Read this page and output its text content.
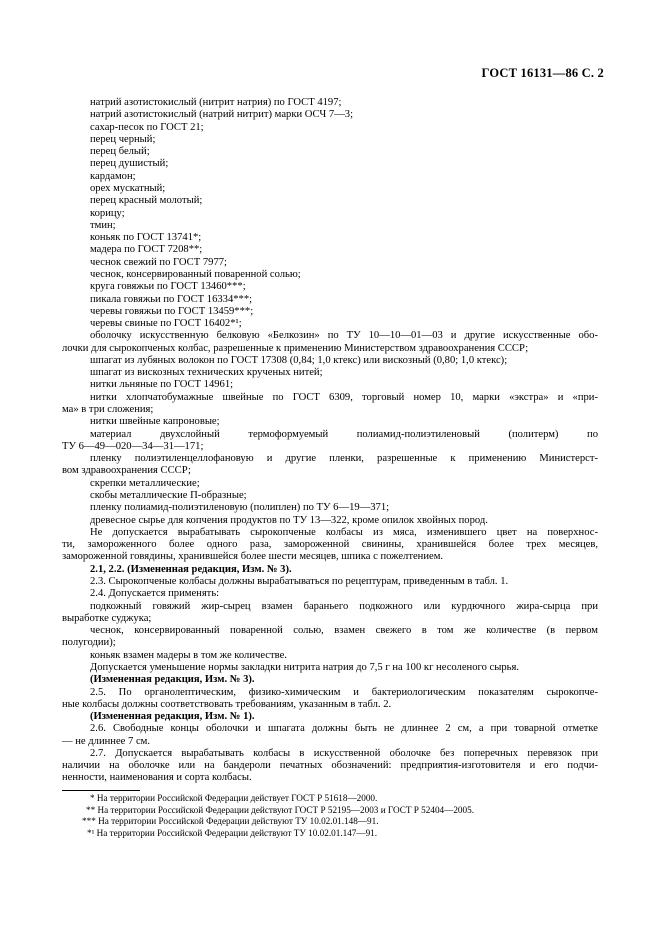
ГОСТ 16131—86 С. 2

натрий азотистокислый (нитрит натрия) по ГОСТ 4197;

натрий азотистокислый (натрий нитрит) марки ОСЧ 7—3;

сахар-песок по ГОСТ 21;

перец черный;

перец белый;

перец душистый;

кардамон;

орех мускатный;

перец красный молотый;

корицу;

тмин;

коньяк по ГОСТ 13741*;

мадера по ГОСТ 7208**;

чеснок свежий по ГОСТ 7977;

чеснок, консервированный поваренной солью;

круга говяжьи по ГОСТ 13460***;

пикала говяжьи по ГОСТ 16334***;

черевы говяжьи по ГОСТ 13459***;

черевы свиные по ГОСТ 16402*¹;

оболочку искусственную белковую «Белкозин» по ТУ 10—10—01—03 и другие искусственные обо-

лочки для сырокопченых колбас, разрешенные к применению Министерством здравоохранения СССР;

шпагат из лубяных волокон по ГОСТ 17308 (0,84; 1,0 ктекс) или вискозный (0,80; 1,0 ктекс);

шпагат из вискозных технических крученых нитей;

нитки льняные по ГОСТ 14961;

нитки хлопчатобумажные швейные по ГОСТ 6309, торговый номер 10, марки «экстра» и «при-

ма» в три сложения;

нитки швейные капроновые;

материал двухслойный термоформуемый полиамид-полиэтиленовый (политерм) по

ТУ 6—49—020—34—31—171;

пленку полиэтиленцеллофановую и другие пленки, разрешенные к применению Министерст-

вом здравоохранения СССР;

скрепки металлические;

скобы металлические П-образные;

пленку полиамид-полиэтиленовую (полиплен) по ТУ 6—19—371;

древесное сырье для копчения продуктов по ТУ 13—322, кроме опилок хвойных пород.

Не допускается вырабатывать сырокопченые колбасы из мяса, изменившего цвет на поверхнос-

ти, замороженного более одного раза, замороженной свинины, хранившейся более трех месяцев,

замороженной говядины, хранившейся более шести месяцев, шпика с пожелтением.

2.1, 2.2. (Измененная редакция, Изм. № 3).

2.3. Сырокопченые колбасы должны вырабатываться по рецептурам, приведенным в табл. 1.

2.4. Допускается применять:

подкожный говяжий жир-сырец взамен бараньего подкожного или курдючного жира-сырца при

выработке суджука;

чеснок, консервированный поваренной солью, взамен свежего в том же количестве (в первом

полугодии);

коньяк взамен мадеры в том же количестве.

Допускается уменьшение нормы закладки нитрита натрия до 7,5 г на 100 кг несоленого сырья.

(Измененная редакция, Изм. № 3).

2.5. По органолептическим, физико-химическим и бактериологическим показателям сырокопче-

ные колбасы должны соответствовать требованиям, указанным в табл. 2.

(Измененная редакция, Изм. № 1).

2.6. Свободные концы оболочки и шпагата должны быть не длиннее 2 см, а при товарной отметке

— не длиннее 7 см.

2.7. Допускается вырабатывать колбасы в искусственной оболочке без поперечных перевязок при

наличии на оболочке или на бандероли печатных обозначений: предприятия-изготовителя и его подчи-

ненности, наименования и сорта колбасы.

* На территории Российской Федерации действует ГОСТ Р 51618—2000.

** На территории Российской Федерации действуют ГОСТ Р 52195—2003 и ГОСТ Р 52404—2005.

*** На территории Российской Федерации действуют ТУ 10.02.01.148—91.

*¹ На территории Российской Федерации действуют ТУ 10.02.01.147—91.
